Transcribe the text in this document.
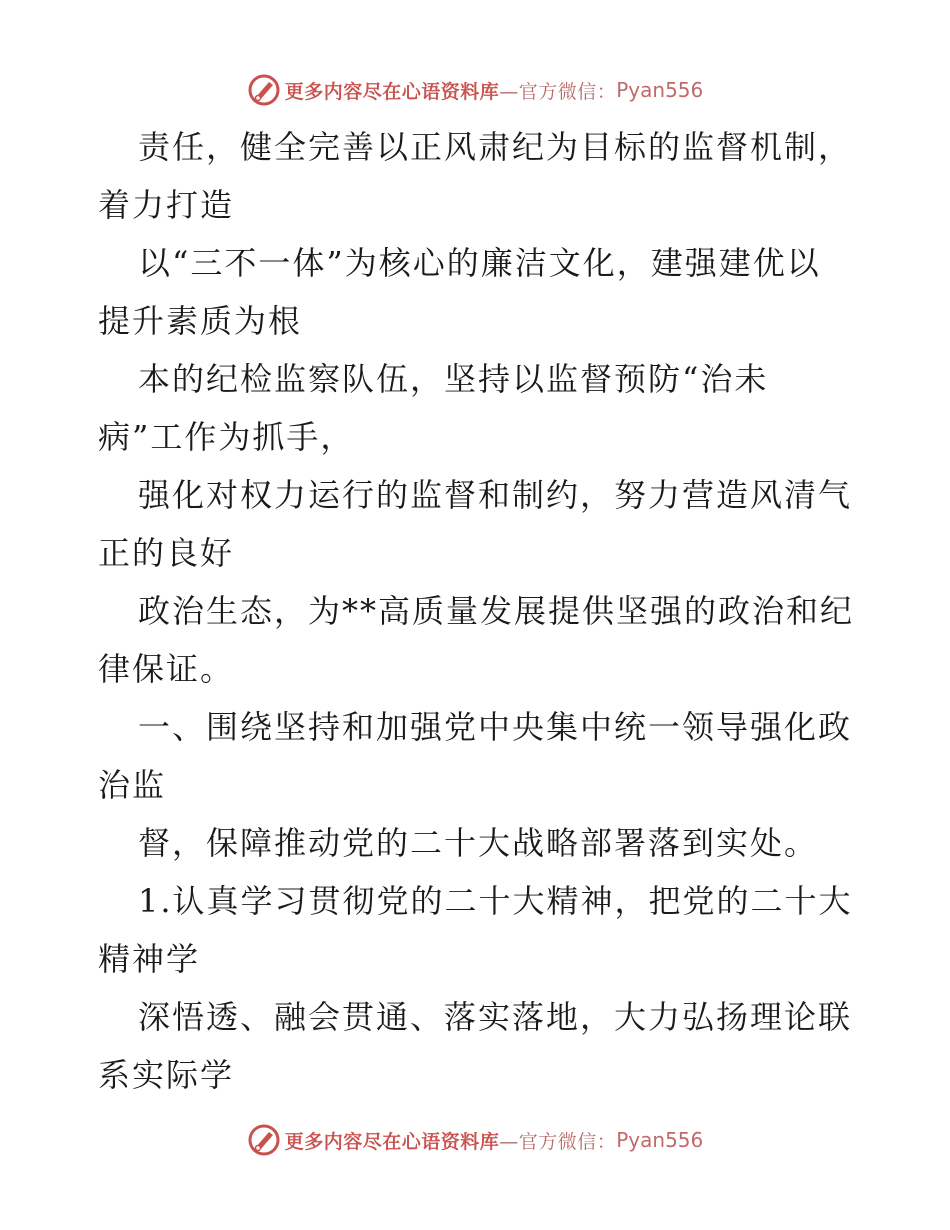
更多内容尽在心语资料库 —官方微信： Pyan556
责任，健全完善以正风肃纪为目标的监督机制，
着力打造
以“三不一体”为核心的廉洁文化，建强建优以
提升素质为根
本的纪检监察队伍，坚持以监督预防“治未
病”工作为抓手，
强化对权力运行的监督和制约，努力营造风清气
正的良好
政治生态，为**高质量发展提供坚强的政治和纪
律保证。
一、围绕坚持和加强党中央集中统一领导强化政
治监
督，保障推动党的二十大战略部署落到实处。
1.认真学习贯彻党的二十大精神，把党的二十大
精神学
深悟透、融会贯通、落实落地，大力弘扬理论联
系实际学
更多内容尽在心语资料库 —官方微信： Pyan556
